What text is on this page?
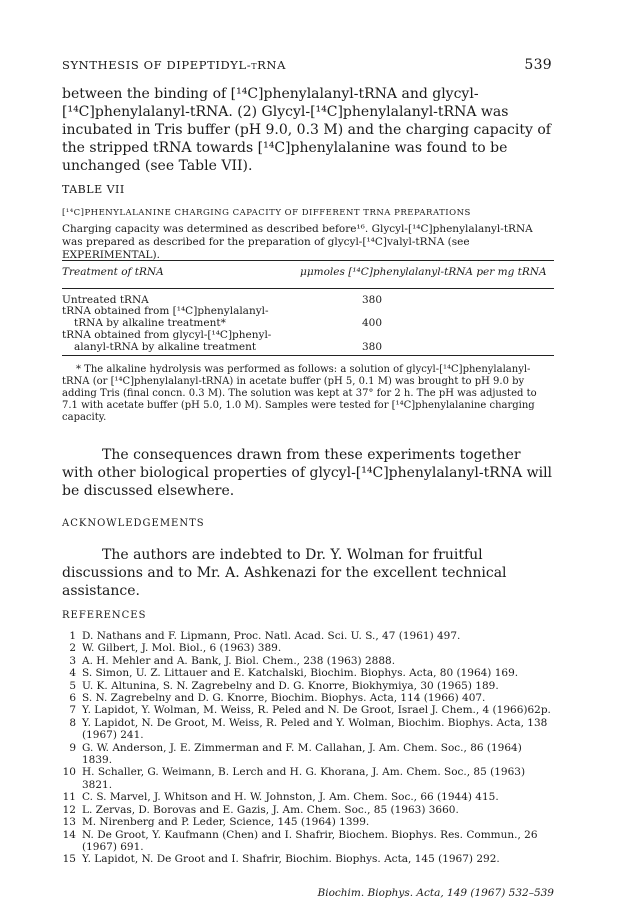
SYNTHESIS OF DIPEPTIDYL-tRNA	539

between the binding of [¹⁴C]phenylalanyl-tRNA and glycyl-[¹⁴C]phenylalanyl-tRNA. (2) Glycyl-[¹⁴C]phenylalanyl-tRNA was incubated in Tris buffer (pH 9.0, 0.3 M) and the charging capacity of the stripped tRNA towards [¹⁴C]phenylalanine was found to be unchanged (see Table VII).

TABLE VII
[¹⁴C]PHENYLALANINE CHARGING CAPACITY OF DIFFERENT TRNA PREPARATIONS
Charging capacity was determined as described before¹⁶. Glycyl-[¹⁴C]phenylalanyl-tRNA was prepared as described for the preparation of glycyl-[¹⁴C]valyl-tRNA (see EXPERIMENTAL).
Treatment of tRNA	μμmoles [¹⁴C]phenylalanyl-tRNA per mg tRNA
Untreated tRNA	380
tRNA obtained from [¹⁴C]phenylalanyl-
tRNA by alkaline treatment*	400
tRNA obtained from glycyl-[¹⁴C]phenyl-
alanyl-tRNA by alkaline treatment	380
* The alkaline hydrolysis was performed as follows: a solution of glycyl-[¹⁴C]phenylalanyl-tRNA (or [¹⁴C]phenylalanyl-tRNA) in acetate buffer (pH 5, 0.1 M) was brought to pH 9.0 by adding Tris (final concn. 0.3 M). The solution was kept at 37° for 2 h. The pH was adjusted to 7.1 with acetate buffer (pH 5.0, 1.0 M). Samples were tested for [¹⁴C]phenylalanine charging capacity.

The consequences drawn from these experiments together with other biological properties of glycyl-[¹⁴C]phenylalanyl-tRNA will be discussed elsewhere.

ACKNOWLEDGEMENTS

The authors are indebted to Dr. Y. Wolman for fruitful discussions and to Mr. A. Ashkenazi for the excellent technical assistance.

REFERENCES
1 D. Nathans and F. Lipmann, Proc. Natl. Acad. Sci. U. S., 47 (1961) 497.
2 W. Gilbert, J. Mol. Biol., 6 (1963) 389.
3 A. H. Mehler and A. Bank, J. Biol. Chem., 238 (1963) 2888.
4 S. Simon, U. Z. Littauer and E. Katchalski, Biochim. Biophys. Acta, 80 (1964) 169.
5 U. K. Altunina, S. N. Zagrebelny and D. G. Knorre, Biokhymiya, 30 (1965) 189.
6 S. N. Zagrebelny and D. G. Knorre, Biochim. Biophys. Acta, 114 (1966) 407.
7 Y. Lapidot, Y. Wolman, M. Weiss, R. Peled and N. De Groot, Israel J. Chem., 4 (1966)62p.
8 Y. Lapidot, N. De Groot, M. Weiss, R. Peled and Y. Wolman, Biochim. Biophys. Acta, 138 (1967) 241.
9 G. W. Anderson, J. E. Zimmerman and F. M. Callahan, J. Am. Chem. Soc., 86 (1964) 1839.
10 H. Schaller, G. Weimann, B. Lerch and H. G. Khorana, J. Am. Chem. Soc., 85 (1963) 3821.
11 C. S. Marvel, J. Whitson and H. W. Johnston, J. Am. Chem. Soc., 66 (1944) 415.
12 L. Zervas, D. Borovas and E. Gazis, J. Am. Chem. Soc., 85 (1963) 3660.
13 M. Nirenberg and P. Leder, Science, 145 (1964) 1399.
14 N. De Groot, Y. Kaufmann (Chen) and I. Shafrir, Biochem. Biophys. Res. Commun., 26 (1967) 691.
15 Y. Lapidot, N. De Groot and I. Shafrir, Biochim. Biophys. Acta, 145 (1967) 292.
Biochim. Biophys. Acta, 149 (1967) 532–539
